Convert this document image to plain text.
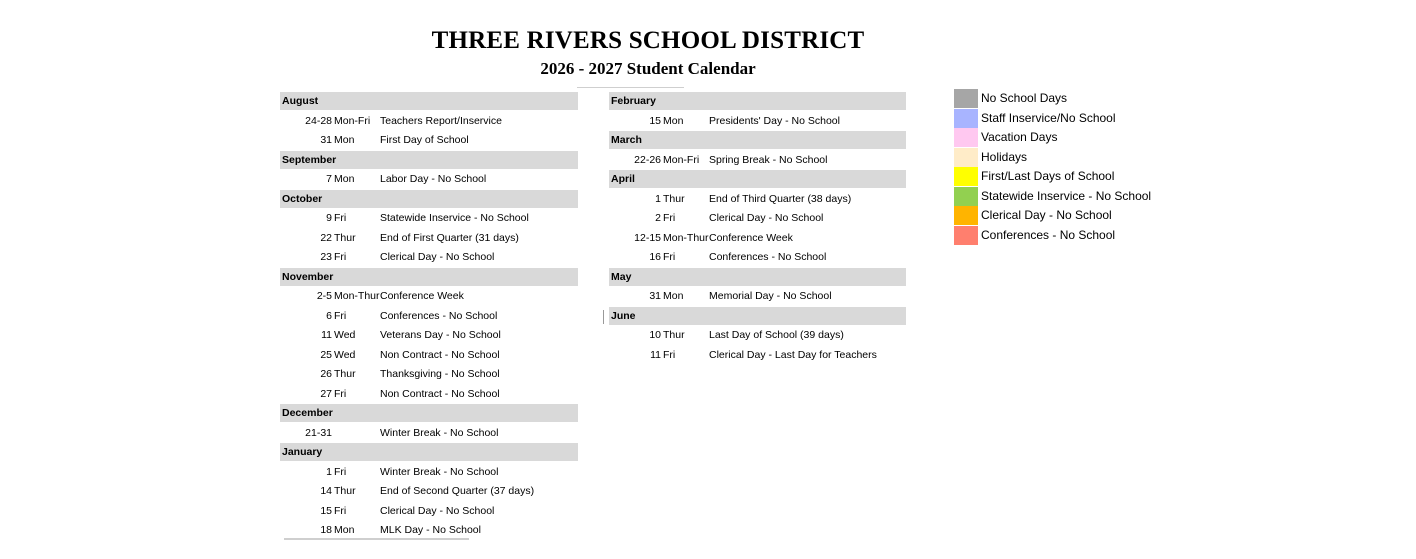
THREE RIVERS SCHOOL DISTRICT
2026 - 2027 Student Calendar
August
24-28 Mon-Fri Teachers Report/Inservice
31 Mon First Day of School
September
7 Mon Labor Day - No School
October
9 Fri	Statewide Inservice - No School
22 Thur End of First Quarter (31 days)
23 Fri	Clerical Day - No School
November
2-5 Mon-Thur Conference Week
6 Fri	Conferences - No School
11 Wed Veterans Day - No School
25 Wed Non Contract - No School
26 Thur Thanksgiving - No School
27 Fri	Non Contract - No School
December
21-31	Winter Break - No School
January
1 Fri	Winter Break - No School
14 Thur End of Second Quarter (37 days)
15 Fri	Clerical Day - No School
18 Mon MLK Day - No School
February
15 Mon Presidents' Day - No School
March
22-26 Mon-Fri Spring Break - No School
April
1 Thur End of Third Quarter (38 days)
2 Fri	Clerical Day - No School
12-15 Mon-Thur Conference Week
16 Fri	Conferences - No School
May
31 Mon Memorial Day - No School
June
10 Thur Last Day of School (39 days)
11 Fri	Clerical Day - Last Day for Teachers
No School Days
Staff Inservice/No School
Vacation Days
Holidays
First/Last Days of School
Statewide Inservice - No School
Clerical Day - No School
Conferences - No School
